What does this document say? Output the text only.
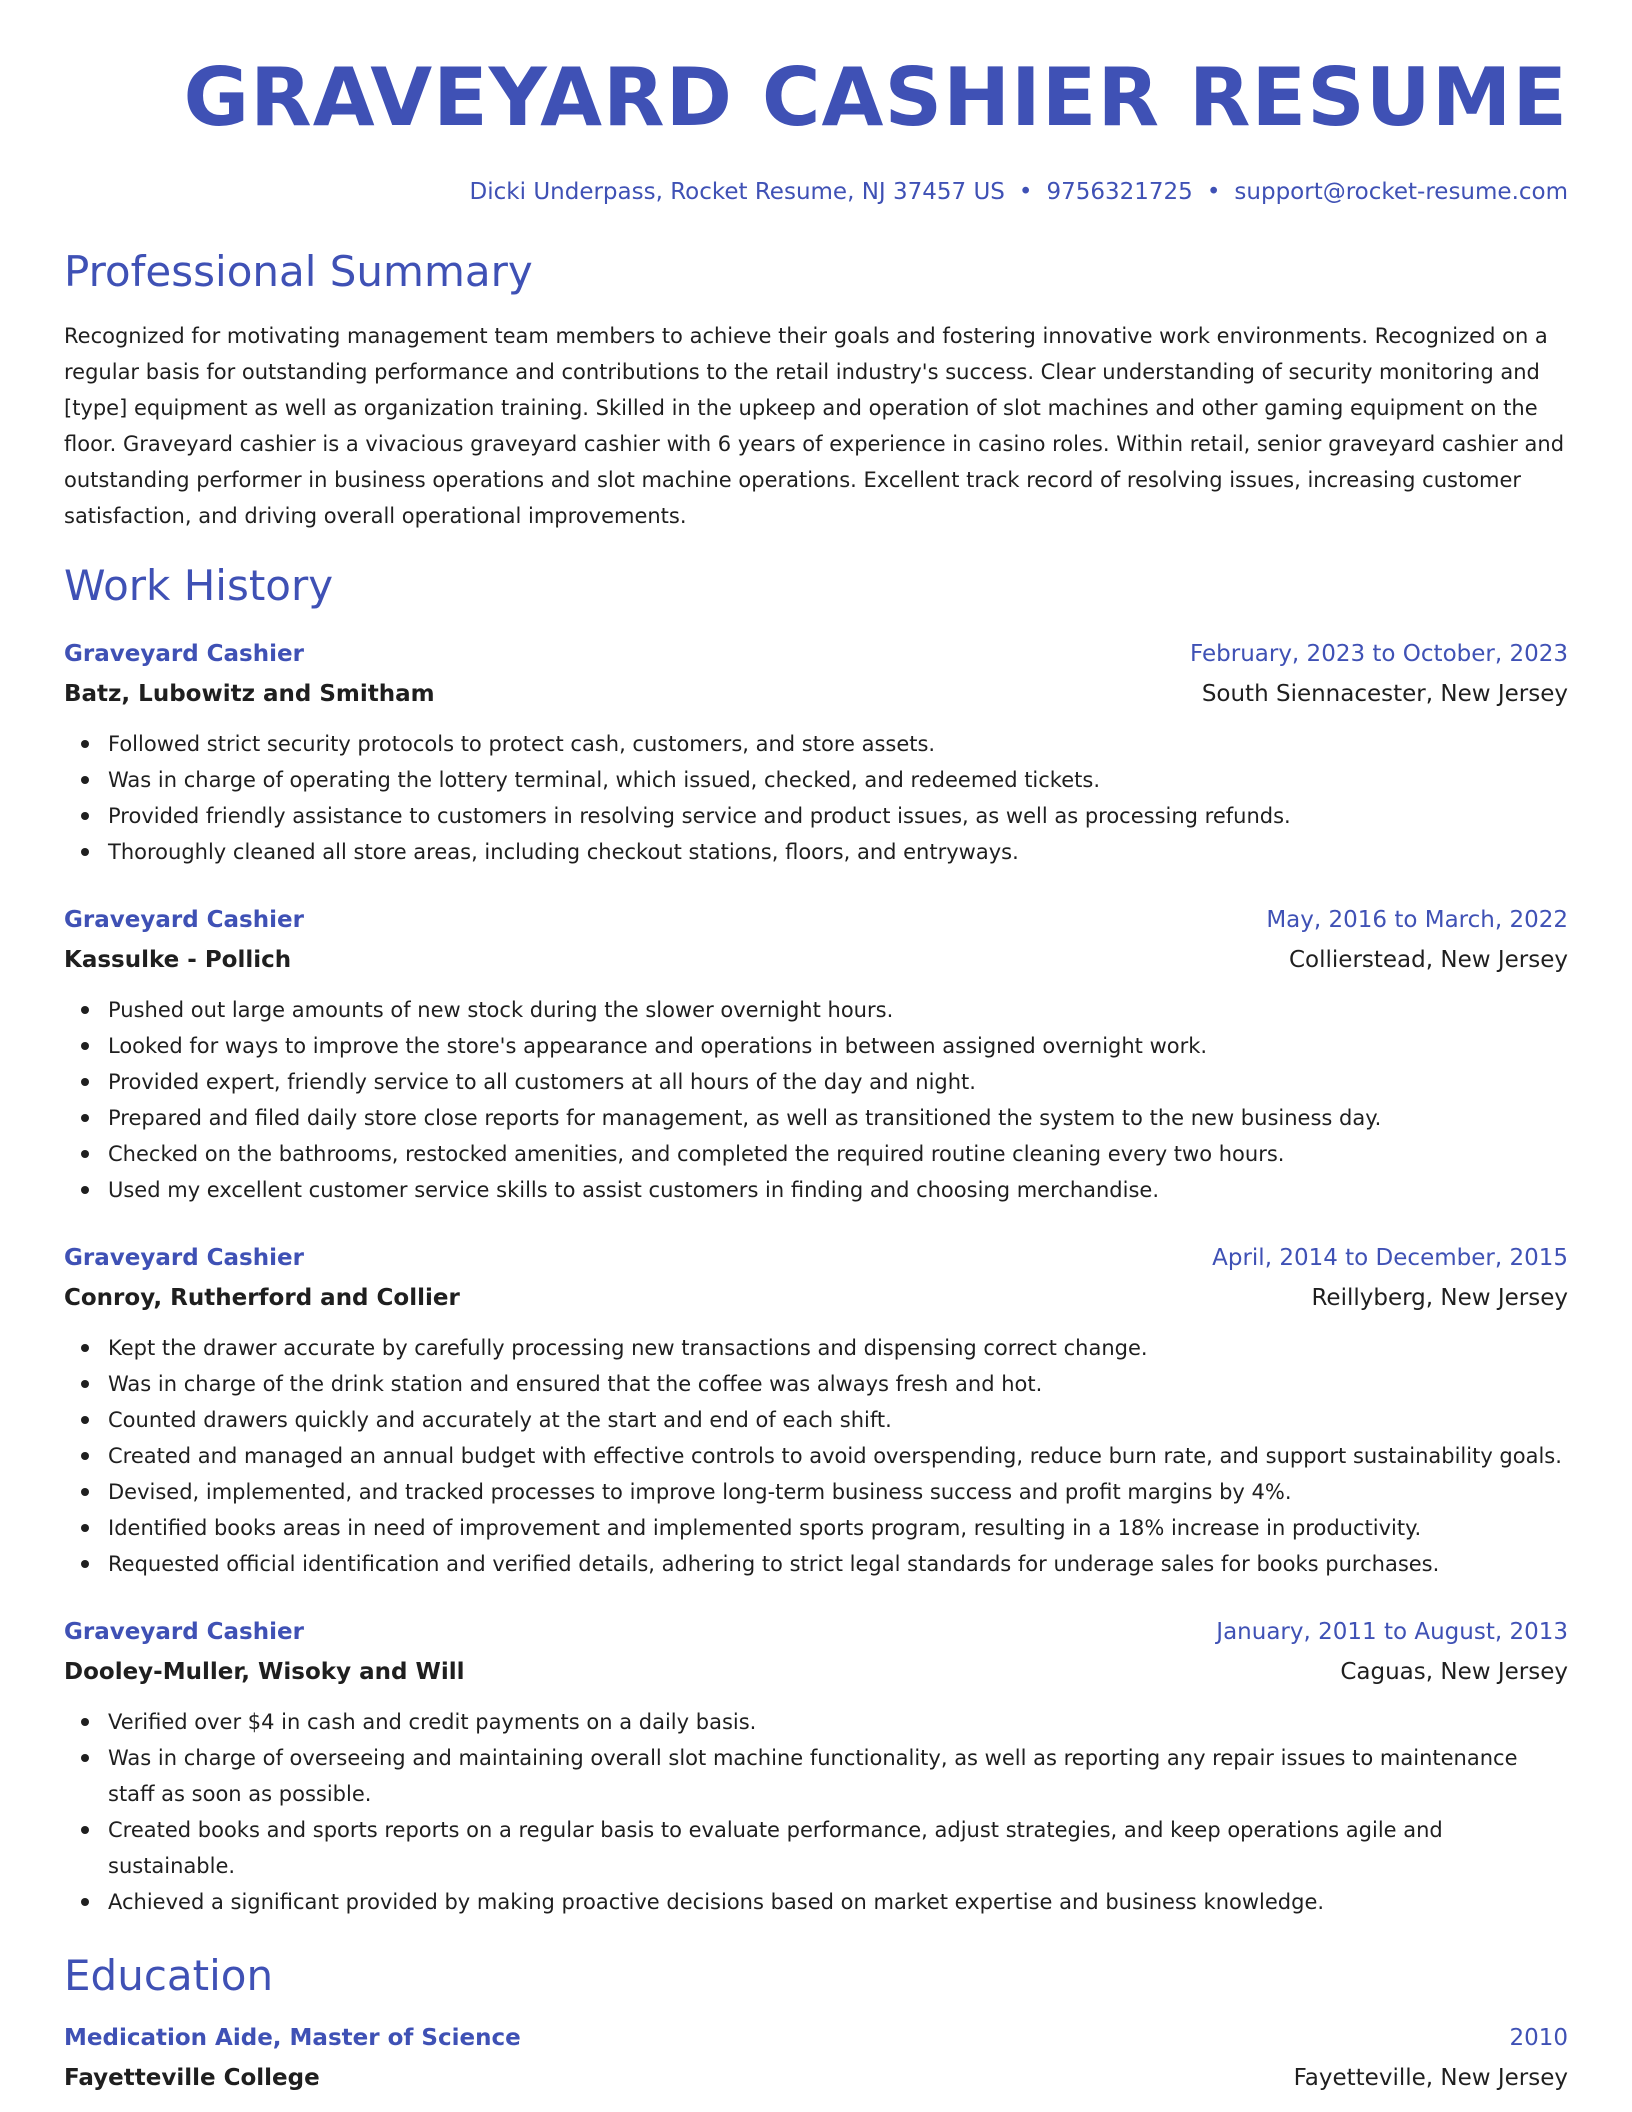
GRAVEYARD CASHIER RESUME
Dicki Underpass, Rocket Resume, NJ 37457 US • 9756321725 • support@rocket-resume.com
Professional Summary
Recognized for motivating management team members to achieve their goals and fostering innovative work environments. Recognized on a regular basis for outstanding performance and contributions to the retail industry's success. Clear understanding of security monitoring and [type] equipment as well as organization training. Skilled in the upkeep and operation of slot machines and other gaming equipment on the floor. Graveyard cashier is a vivacious graveyard cashier with 6 years of experience in casino roles. Within retail, senior graveyard cashier and outstanding performer in business operations and slot machine operations. Excellent track record of resolving issues, increasing customer satisfaction, and driving overall operational improvements.
Work History
Graveyard Cashier	February, 2023 to October, 2023
Batz, Lubowitz and Smitham	South Siennacester, New Jersey
Followed strict security protocols to protect cash, customers, and store assets.
Was in charge of operating the lottery terminal, which issued, checked, and redeemed tickets.
Provided friendly assistance to customers in resolving service and product issues, as well as processing refunds.
Thoroughly cleaned all store areas, including checkout stations, floors, and entryways.
Graveyard Cashier	May, 2016 to March, 2022
Kassulke - Pollich	Collierstead, New Jersey
Pushed out large amounts of new stock during the slower overnight hours.
Looked for ways to improve the store's appearance and operations in between assigned overnight work.
Provided expert, friendly service to all customers at all hours of the day and night.
Prepared and filed daily store close reports for management, as well as transitioned the system to the new business day.
Checked on the bathrooms, restocked amenities, and completed the required routine cleaning every two hours.
Used my excellent customer service skills to assist customers in finding and choosing merchandise.
Graveyard Cashier	April, 2014 to December, 2015
Conroy, Rutherford and Collier	Reillyberg, New Jersey
Kept the drawer accurate by carefully processing new transactions and dispensing correct change.
Was in charge of the drink station and ensured that the coffee was always fresh and hot.
Counted drawers quickly and accurately at the start and end of each shift.
Created and managed an annual budget with effective controls to avoid overspending, reduce burn rate, and support sustainability goals.
Devised, implemented, and tracked processes to improve long-term business success and profit margins by 4%.
Identified books areas in need of improvement and implemented sports program, resulting in a 18% increase in productivity.
Requested official identification and verified details, adhering to strict legal standards for underage sales for books purchases.
Graveyard Cashier	January, 2011 to August, 2013
Dooley-Muller, Wisoky and Will	Caguas, New Jersey
Verified over $4 in cash and credit payments on a daily basis.
Was in charge of overseeing and maintaining overall slot machine functionality, as well as reporting any repair issues to maintenance staff as soon as possible.
Created books and sports reports on a regular basis to evaluate performance, adjust strategies, and keep operations agile and sustainable.
Achieved a significant provided by making proactive decisions based on market expertise and business knowledge.
Education
Medication Aide, Master of Science	2010
Fayetteville College	Fayetteville, New Jersey
